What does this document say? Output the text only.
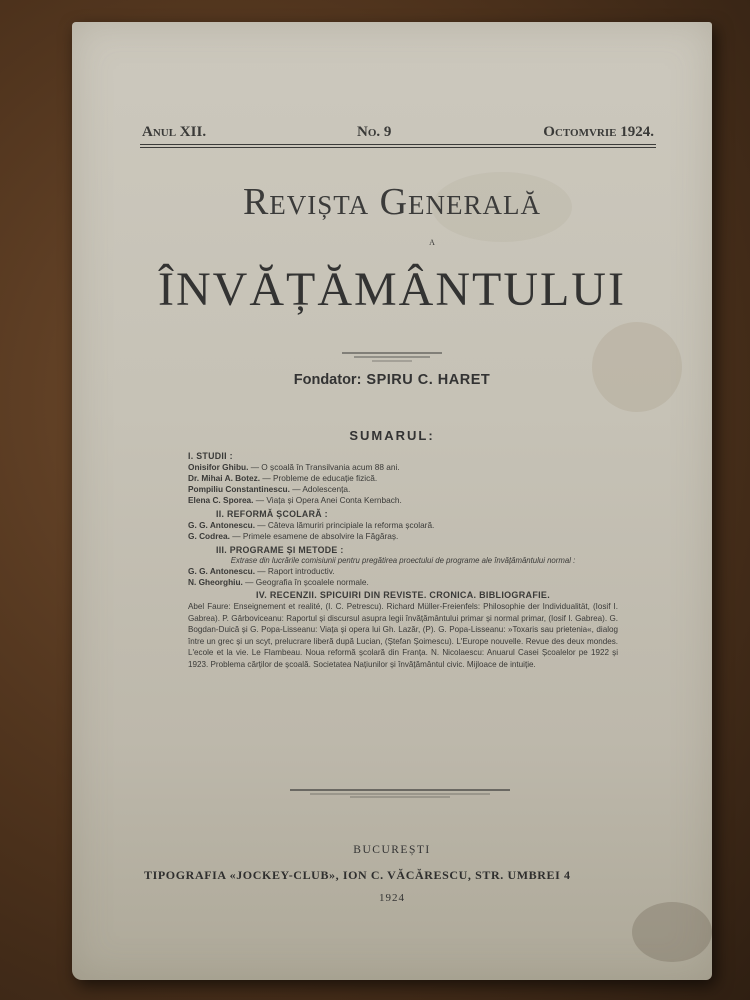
Anul XII.	No. 9	Octomvrie 1924.
Revișta Generală
a
ÎNVĂȚĂMÂNTULUI
Fondator: SPIRU C. HARET
SUMARUL:
I. STUDII :
Onisifor Ghibu. — O școală în Transilvania acum 88 ani.
Dr. Mihai A. Botez. — Probleme de educație fizică.
Pompiliu Constantinescu. — Adolescența.
Elena C. Sporea. — Viața și Opera Anei Conta Kernbach.
II. REFORMĂ ȘCOLARĂ :
G. G. Antonescu. — Câteva lămuriri principiale la reforma școlară.
G. Codrea. — Primele esamene de absolvire la Făgăraș.
III. PROGRAME ȘI METODE :
Extrase din lucrările comisiunii pentru pregătirea proectului de programe ale învățământului normal :
G. G. Antonescu. — Raport introductiv.
N. Gheorghiu. — Geografia în școalele normale.
IV. RECENZII. SPICUIRI DIN REVISTE. CRONICA. BIBLIOGRAFIE.
Abel Faure: Enseignement et realité, (I. C. Petrescu). Richard Müller-Freienfels: Philosophie der Individualität, (Iosif I. Gabrea). P. Gârboviceanu: Raportul și discursul asupra legii învățământului primar și normal primar, (Iosif I. Gabrea). G. Bogdan-Duică și G. Popa-Lisseanu: Viața și opera lui Gh. Lazăr, (P). G. Popa-Lisseanu: »Toxaris sau prietenia«, dialog între un grec și un scyt, prelucrare liberă după Lucian, (Ștefan Șoimescu). L'Europe nouvelle. Revue des deux mondes. L'ecole et la vie. Le Flambeau. Noua reformă școlară din Franța. N. Nicolaescu: Anuarul Casei Școalelor pe 1922 și 1923. Problema cărților de școală. Societatea Națiunilor și învățământul civic. Mijloace de intuiție.
BUCUREȘTI
TIPOGRAFIA «JOCKEY-CLUB», ION C. VĂCĂRESCU, STR. UMBREI 4
1924
